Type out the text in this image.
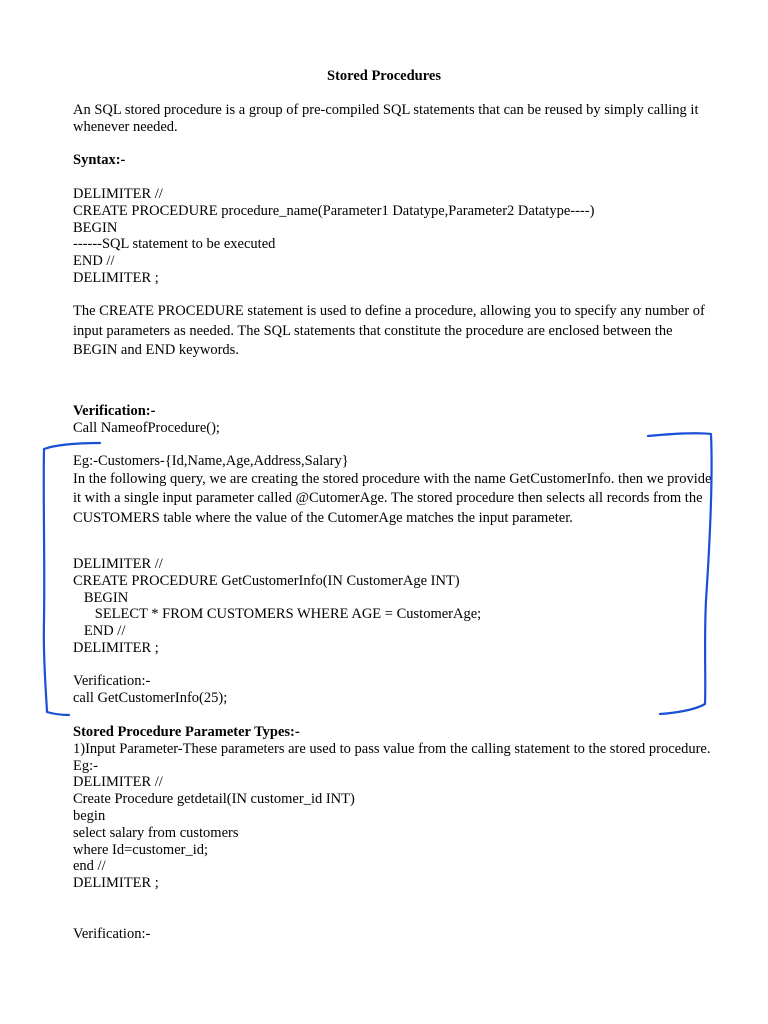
Stored Procedures
An SQL stored procedure is a group of pre-compiled SQL statements that can be reused by simply calling it whenever needed.
Syntax:-
DELIMITER //
CREATE PROCEDURE procedure_name(Parameter1 Datatype,Parameter2 Datatype----)
BEGIN
------SQL statement to be executed
END //
DELIMITER ;
The CREATE PROCEDURE statement is used to define a procedure, allowing you to specify any number of input parameters as needed. The SQL statements that constitute the procedure are enclosed between the BEGIN and END keywords.
Verification:-
Call NameofProcedure();
Eg:-Customers-{Id,Name,Age,Address,Salary}
In the following query, we are creating the stored procedure with the name GetCustomerInfo. then we provide it with a single input parameter called @CutomerAge. The stored procedure then selects all records from the CUSTOMERS table where the value of the CutomerAge matches the input parameter.
DELIMITER //
CREATE PROCEDURE GetCustomerInfo(IN CustomerAge INT)
BEGIN
SELECT * FROM CUSTOMERS WHERE AGE = CustomerAge;
END //
DELIMITER ;
Verification:-
call GetCustomerInfo(25);
Stored Procedure Parameter Types:-
1)Input Parameter-These parameters are used to pass value from the calling statement to the stored procedure.
Eg:-
DELIMITER //
Create Procedure getdetail(IN customer_id INT)
begin
select salary from customers
where Id=customer_id;
end //
DELIMITER ;
Verification:-
